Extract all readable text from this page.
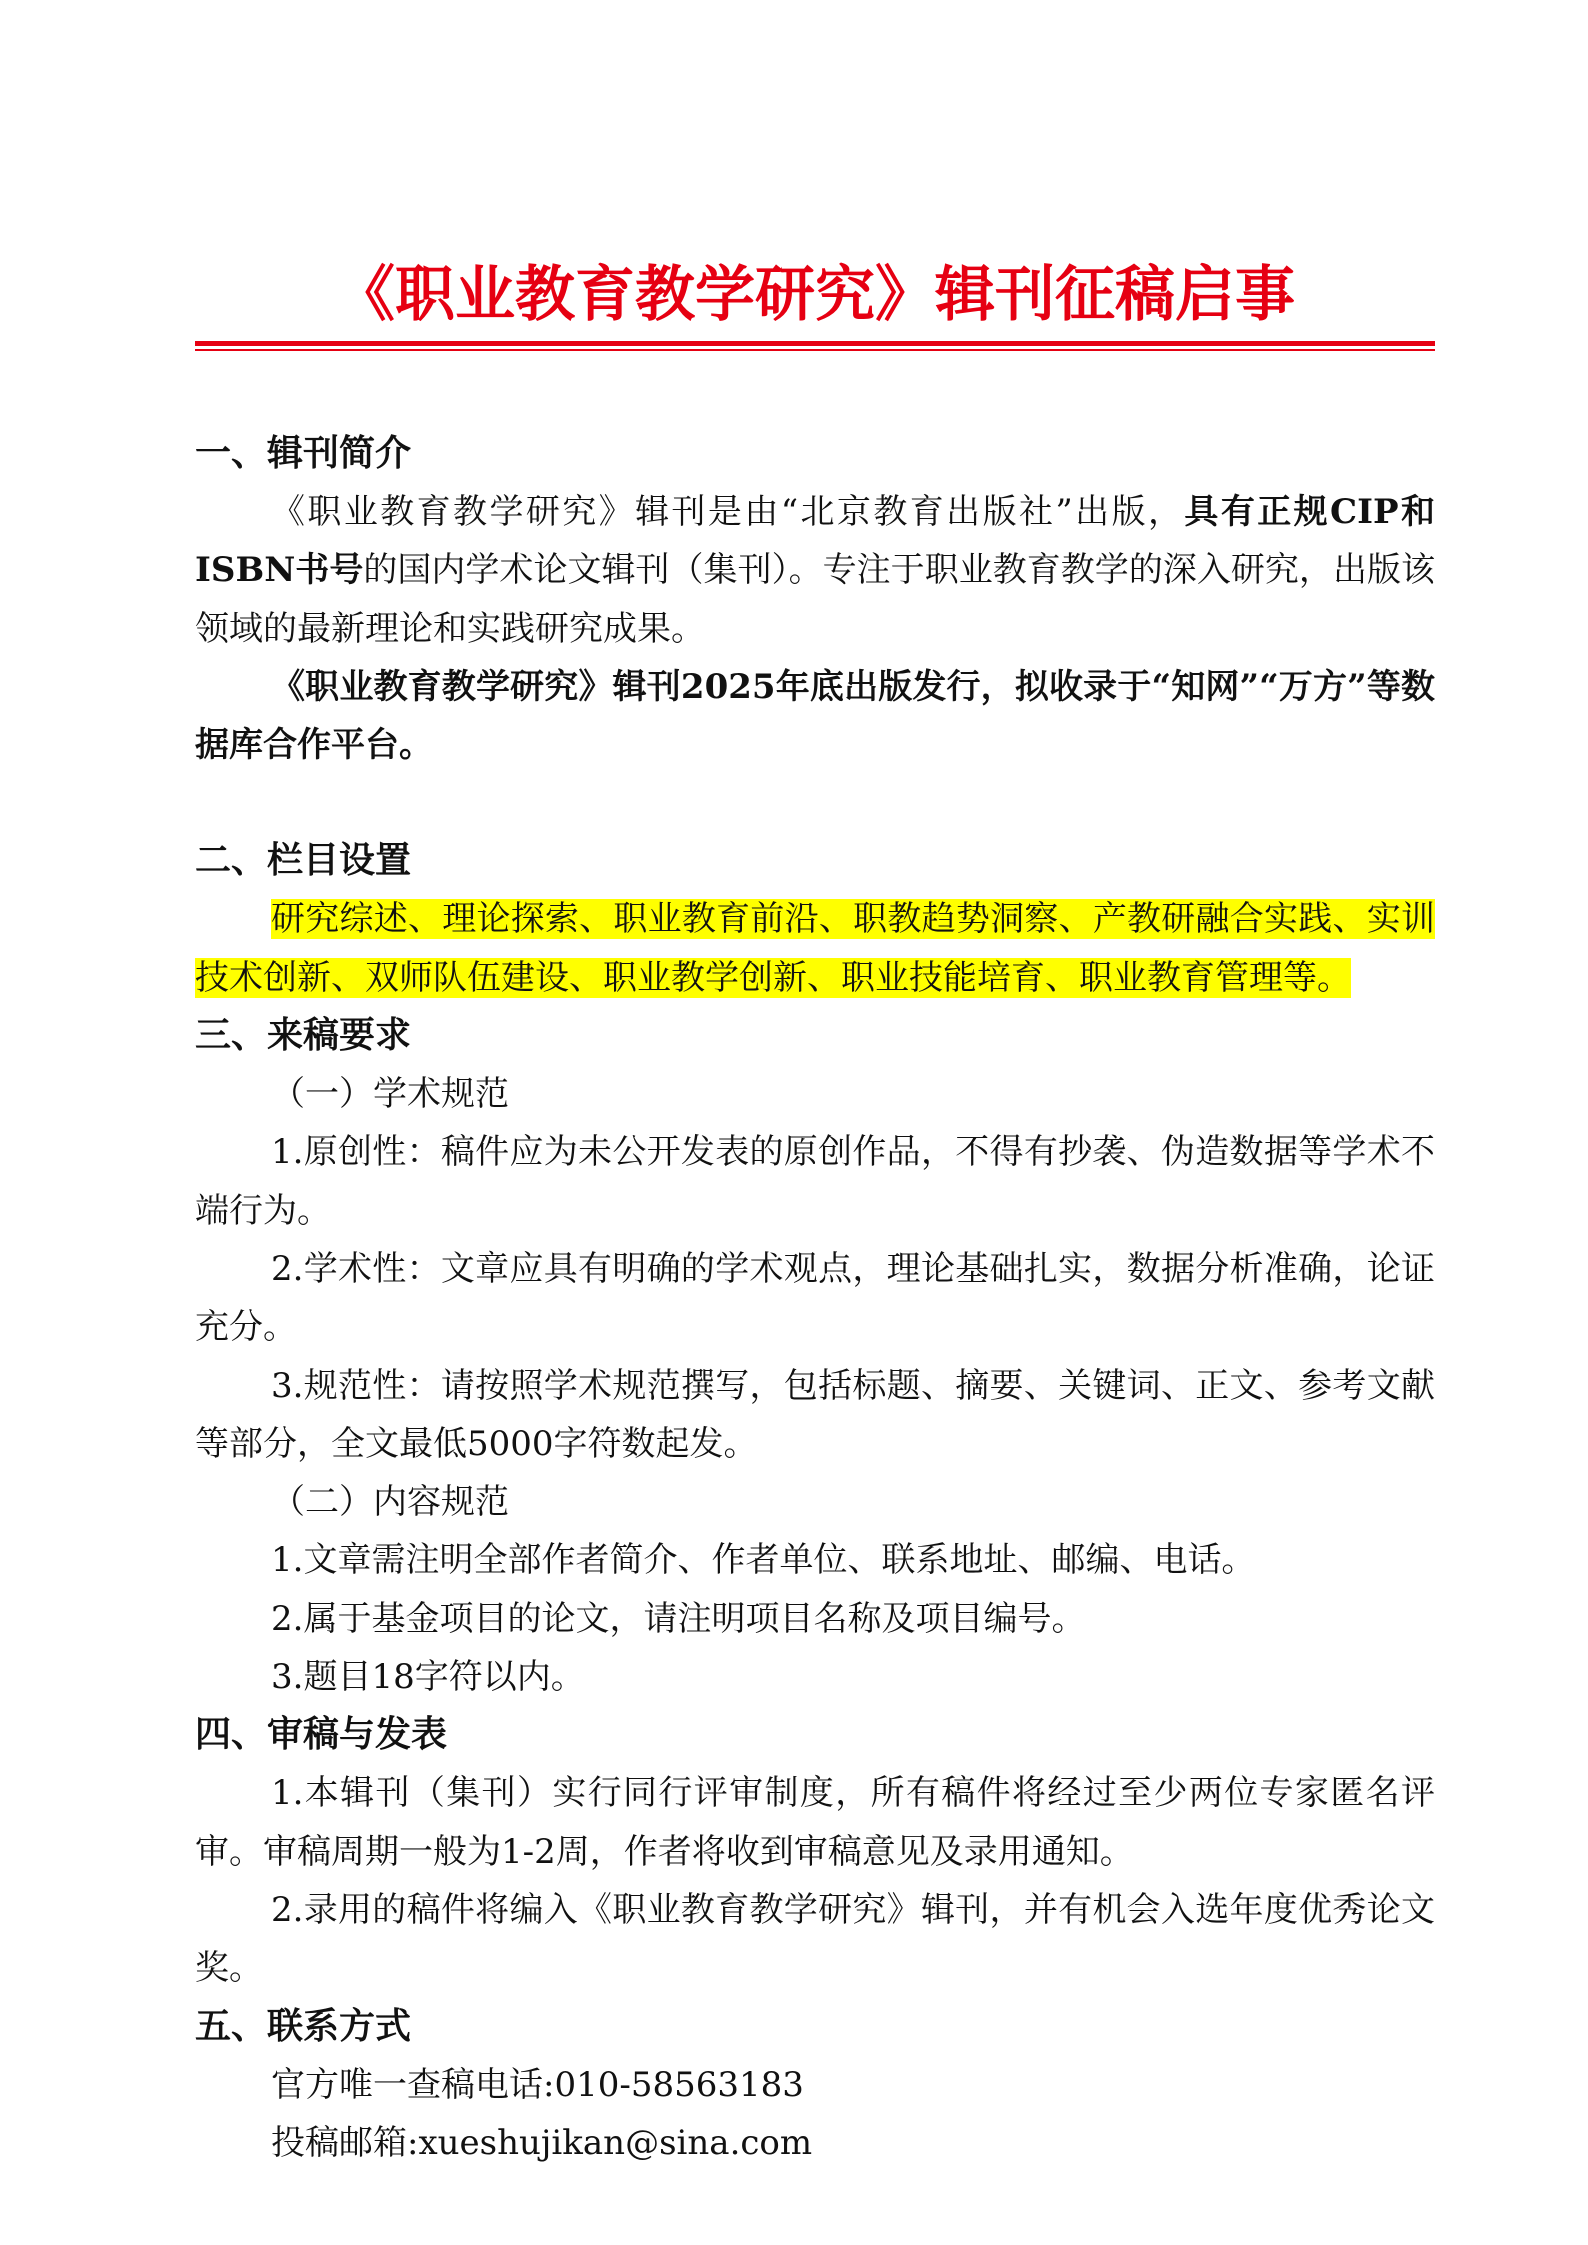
《职业教育教学研究》辑刊征稿启事
一、辑刊简介

《职业教育教学研究》辑刊是由“北京教育出版社”出版，具有正规CIP和ISBN书号的国内学术论文辑刊（集刊）。专注于职业教育教学的深入研究，出版该领域的最新理论和实践研究成果。

《职业教育教学研究》辑刊2025年底出版发行，拟收录于“知网”“万方”等数据库合作平台。

二、栏目设置

研究综述、理论探索、职业教育前沿、职教趋势洞察、产教研融合实践、实训技术创新、双师队伍建设、职业教学创新、职业技能培育、职业教育管理等。

三、来稿要求
（一）学术规范

1.原创性：稿件应为未公开发表的原创作品，不得有抄袭、伪造数据等学术不端行为。

2.学术性：文章应具有明确的学术观点，理论基础扎实，数据分析准确，论证充分。

3.规范性：请按照学术规范撰写，包括标题、摘要、关键词、正文、参考文献等部分，全文最低5000字符数起发。

（二）内容规范

1.文章需注明全部作者简介、作者单位、联系地址、邮编、电话。

2.属于基金项目的论文，请注明项目名称及项目编号。

3.题目18字符以内。

四、审稿与发表

1.本辑刊（集刊）实行同行评审制度，所有稿件将经过至少两位专家匿名评审。审稿周期一般为1-2周，作者将收到审稿意见及录用通知。

2.录用的稿件将编入《职业教育教学研究》辑刊，并有机会入选年度优秀论文奖。

五、联系方式
官方唯一查稿电话:010-58563183
投稿邮箱:xueshujikan@sina.com
